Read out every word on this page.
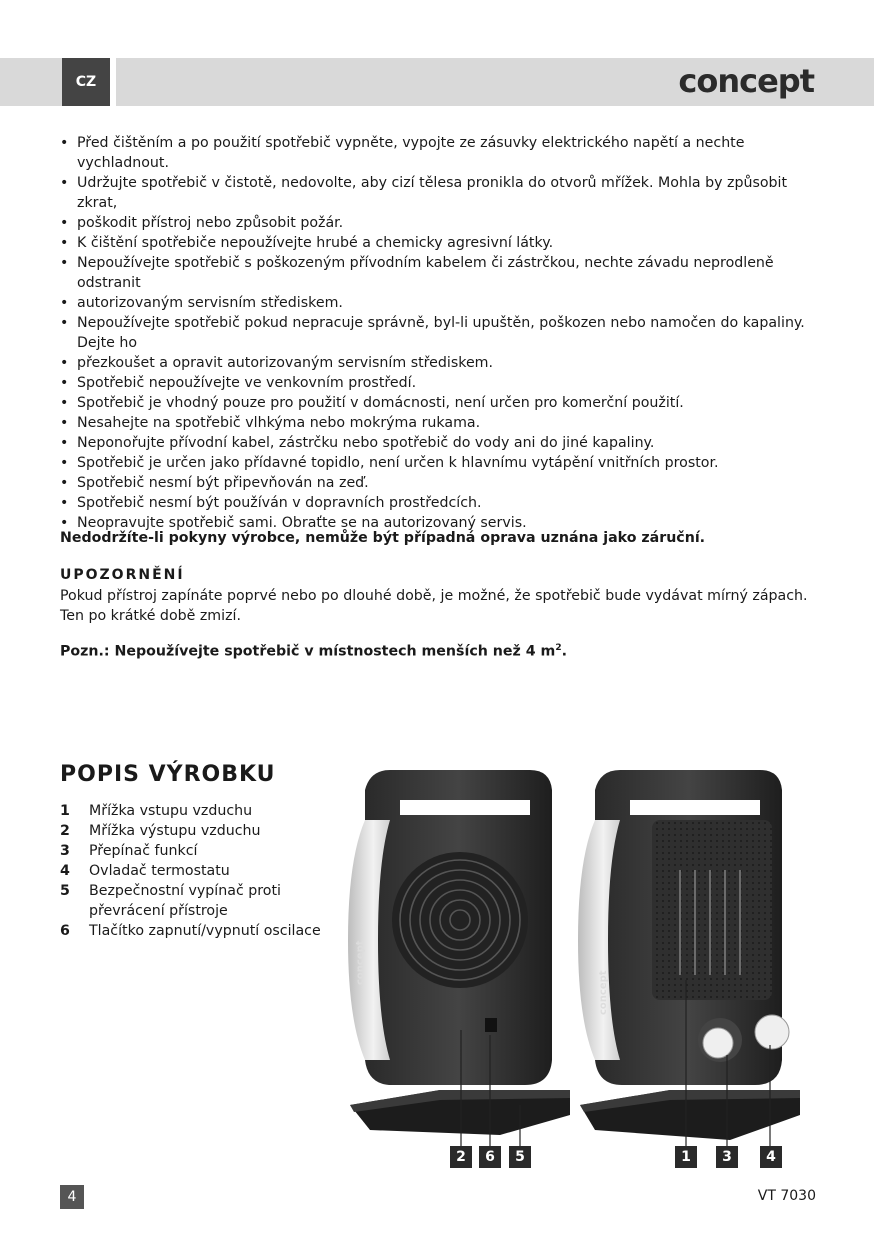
CZ	concept
• Před čištěním a po použití spotřebič vypněte, vypojte ze zásuvky elektrického napětí a nechte vychladnout.
• Udržujte spotřebič v čistotě, nedovolte, aby cizí tělesa pronikla do otvorů mřížek. Mohla by způsobit zkrat,
• poškodit přístroj nebo způsobit požár.
• K čištění spotřebiče nepoužívejte hrubé a chemicky agresivní látky.
• Nepoužívejte spotřebič s poškozeným přívodním kabelem či zástrčkou, nechte závadu neprodleně odstranit
• autorizovaným servisním střediskem.
• Nepoužívejte spotřebič pokud nepracuje správně, byl-li upuštěn, poškozen nebo namočen do kapaliny. Dejte ho
• přezkoušet a opravit autorizovaným servisním střediskem.
• Spotřebič nepoužívejte ve venkovním prostředí.
• Spotřebič je vhodný pouze pro použití v domácnosti, není určen pro komerční použití.
• Nesahejte na spotřebič vlhkýma nebo mokrýma rukama.
• Neponořujte přívodní kabel, zástrčku nebo spotřebič do vody ani do jiné kapaliny.
• Spotřebič je určen jako přídavné topidlo, není určen k hlavnímu vytápění vnitřních prostor.
• Spotřebič nesmí být připevňován na zeď.
• Spotřebič nesmí být používán v dopravních prostředcích.
• Neopravujte spotřebič sami. Obraťte se na autorizovaný servis.
Nedodržíte-li pokyny výrobce, nemůže být případná oprava uznána jako záruční.
UPOZORNĚNÍ
Pokud přístroj zapínáte poprvé nebo po dlouhé době, je možné, že spotřebič bude vydávat mírný zápach. Ten po krátké době zmizí.
Pozn.: Nepoužívejte spotřebič v místnostech menších než 4 $m^2$.
POPIS VÝROBKU
1	Mřížka vstupu vzduchu
2	Mřížka výstupu vzduchu
3	Přepínač funkcí
4	Ovladač termostatu
5	Bezpečnostní vypínač proti převrácení přístroje
6	Tlačítko zapnutí/vypnutí oscilace
concept
concept
2	6	5	1	3	4
4	VT 7030
